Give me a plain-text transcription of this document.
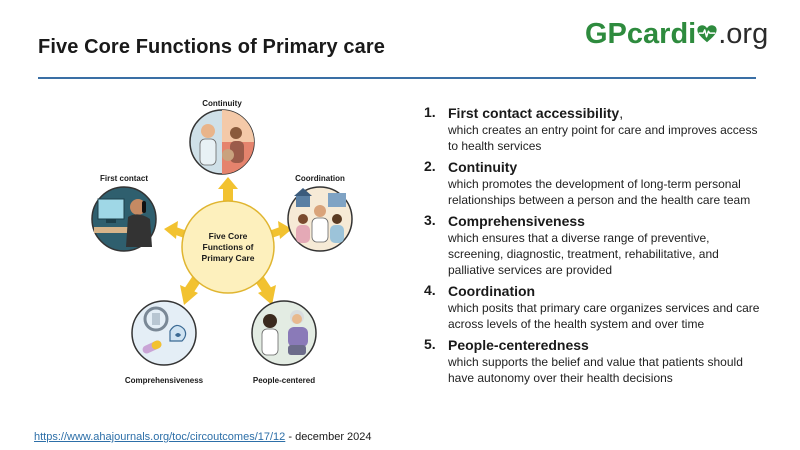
Five Core Functions of Primary care	GPcardi .org
Five Core
Functions of
Primary Care
Continuity
Coordination
First contact
Comprehensiveness	People-centered
1. First contact accessibility,
which creates an entry point for care and improves access to health services
2. Continuity
which promotes the development of long-term personal relationships between a person and the health care team
3. Comprehensiveness
which ensures that a diverse range of preventive, screening, diagnostic, treatment, rehabilitative, and palliative services are provided
4. Coordination
which posits that primary care organizes services and care across levels of the health system and over time
5. People-centeredness
which supports the belief and value that patients should have autonomy over their health decisions
https://www.ahajournals.org/toc/circoutcomes/17/12 - december 2024
